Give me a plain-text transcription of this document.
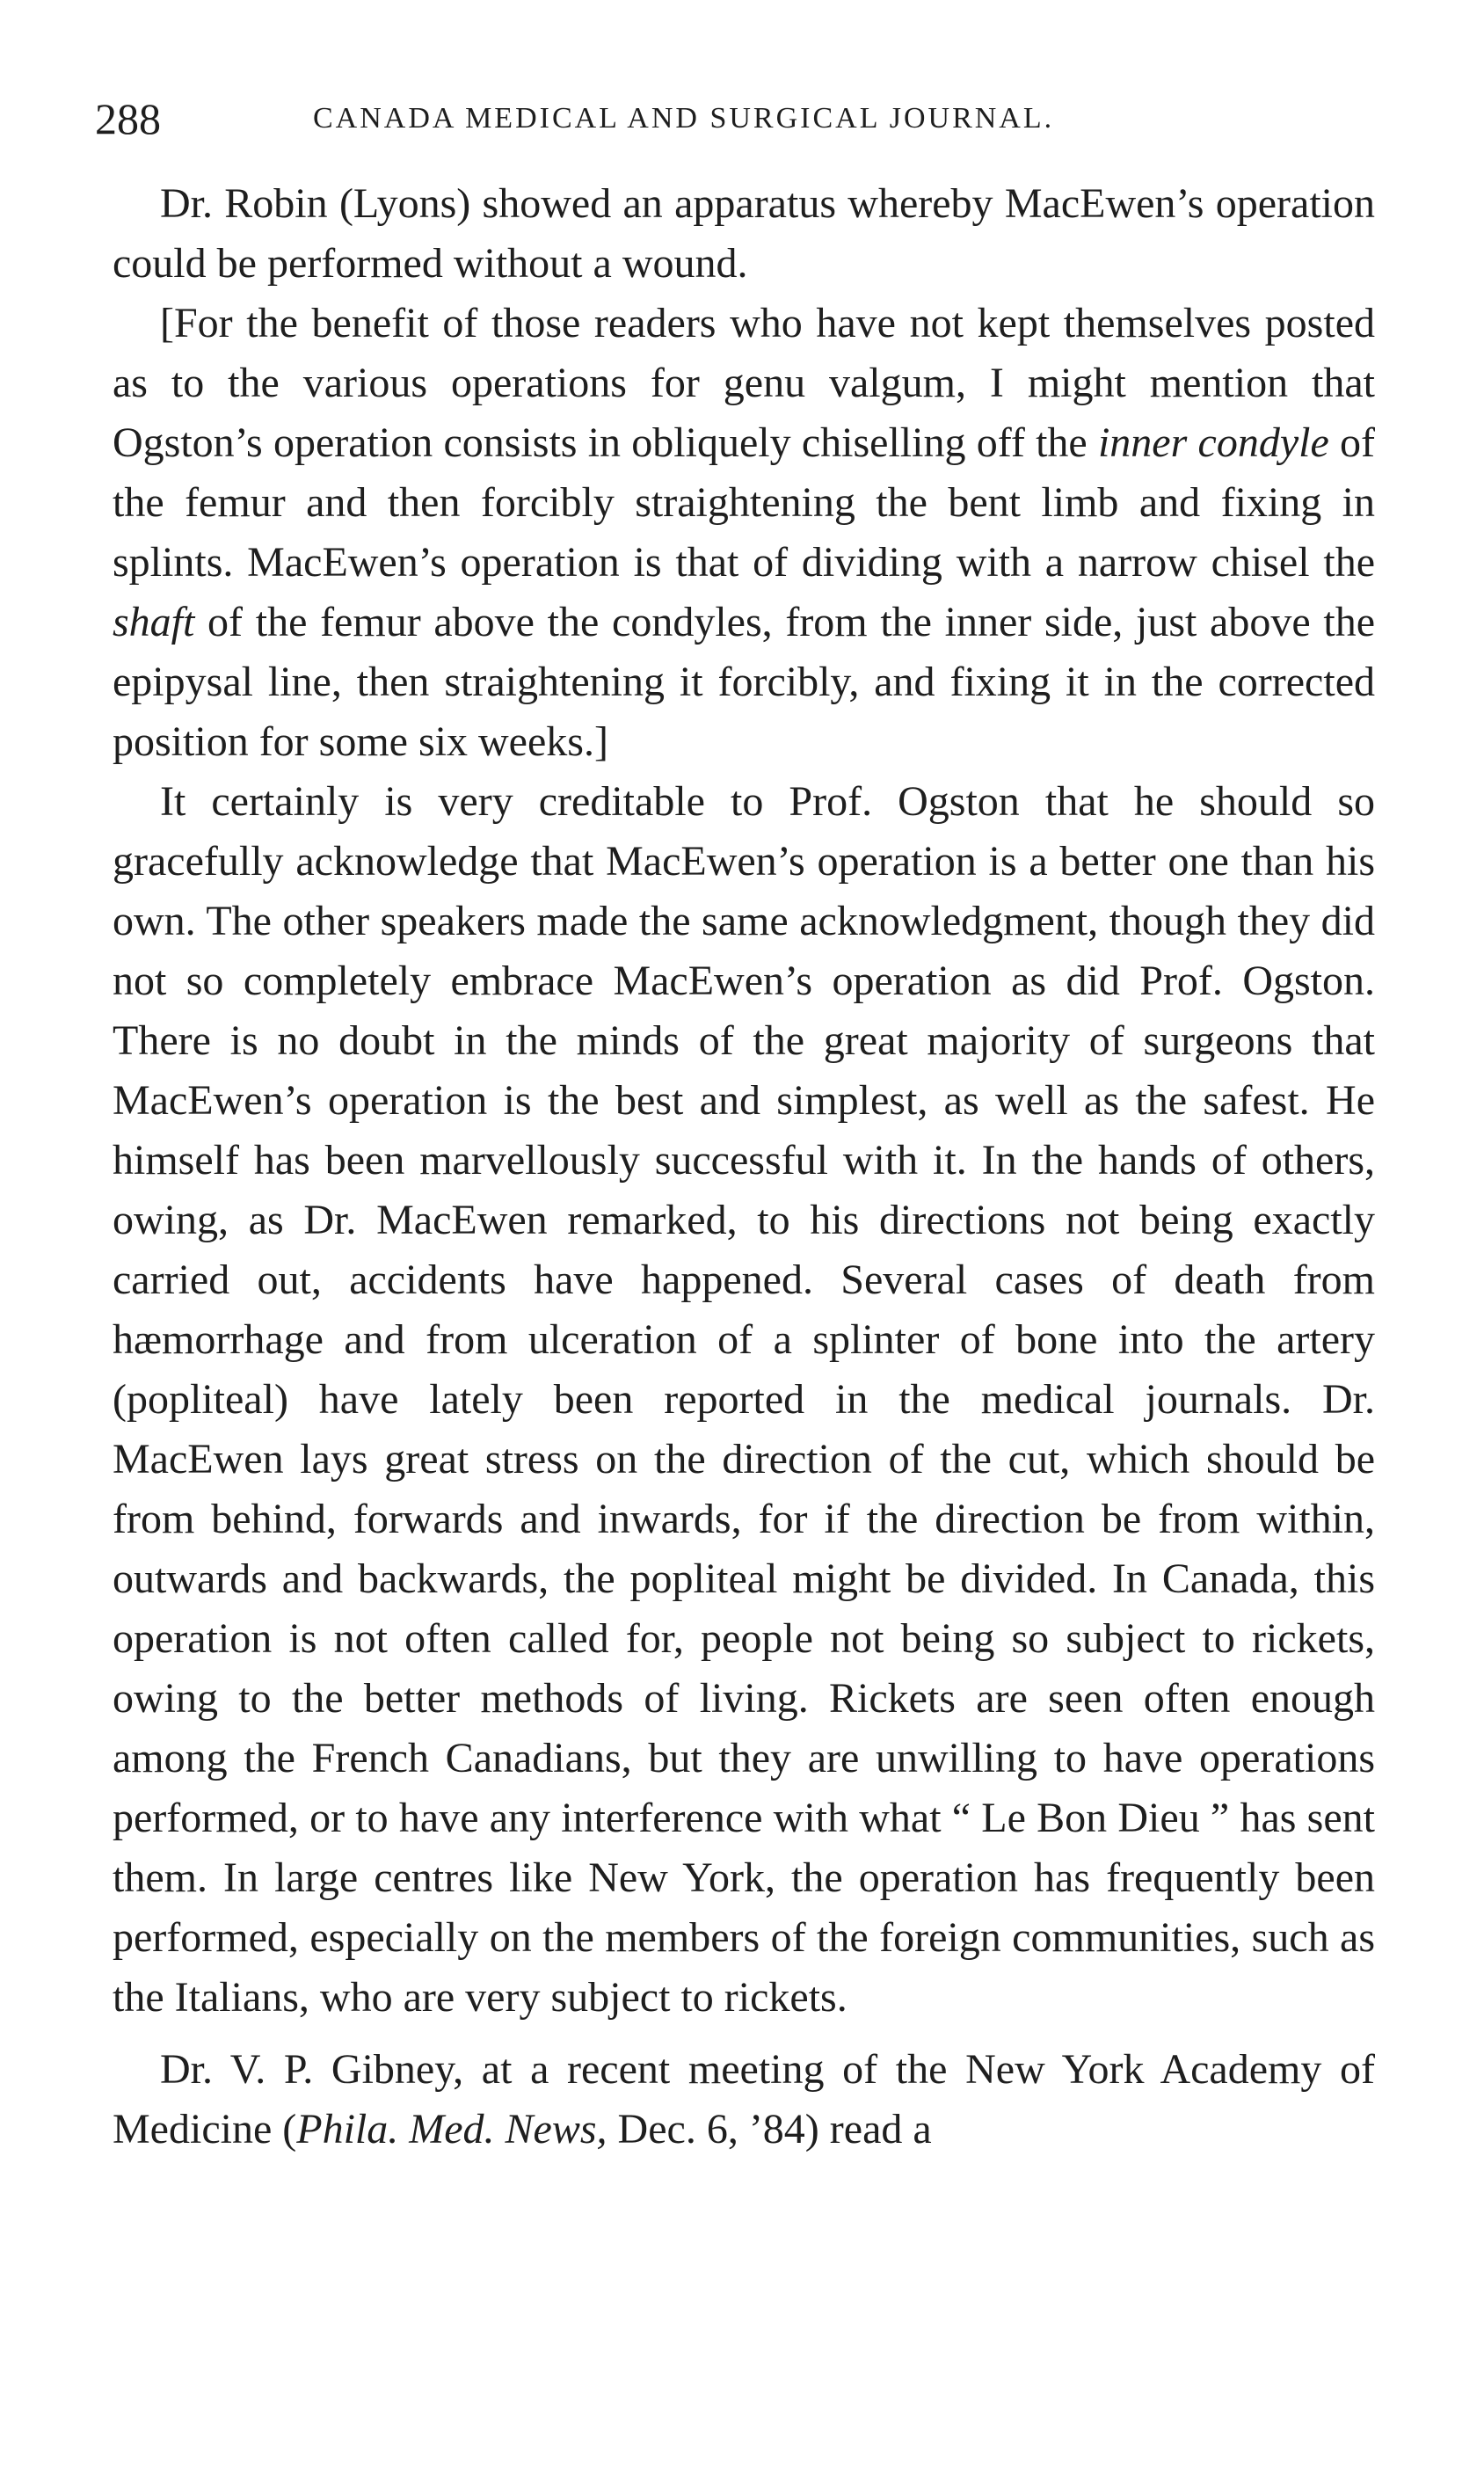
288	CANADA MEDICAL AND SURGICAL JOURNAL.

Dr. Robin (Lyons) showed an apparatus whereby MacEwen’s operation could be performed without a wound.

[For the benefit of those readers who have not kept themselves posted as to the various operations for genu valgum, I might mention that Ogston’s operation consists in obliquely chiselling off the inner condyle of the femur and then forcibly straightening the bent limb and fixing in splints. MacEwen’s operation is that of dividing with a narrow chisel the shaft of the femur above the condyles, from the inner side, just above the epipysal line, then straightening it forcibly, and fixing it in the corrected position for some six weeks.]

It certainly is very creditable to Prof. Ogston that he should so gracefully acknowledge that MacEwen’s operation is a better one than his own. The other speakers made the same acknowledgment, though they did not so completely embrace MacEwen’s operation as did Prof. Ogston. There is no doubt in the minds of the great majority of surgeons that MacEwen’s operation is the best and simplest, as well as the safest. He himself has been marvellously successful with it. In the hands of others, owing, as Dr. MacEwen remarked, to his directions not being exactly carried out, accidents have happened. Several cases of death from hæmorrhage and from ulceration of a splinter of bone into the artery (popliteal) have lately been reported in the medical journals. Dr. MacEwen lays great stress on the direction of the cut, which should be from behind, forwards and inwards, for if the direction be from within, outwards and backwards, the popliteal might be divided. In Canada, this operation is not often called for, people not being so subject to rickets, owing to the better methods of living. Rickets are seen often enough among the French Canadians, but they are unwilling to have operations performed, or to have any interference with what “ Le Bon Dieu ” has sent them. In large centres like New York, the operation has frequently been performed, especially on the members of the foreign communities, such as the Italians, who are very subject to rickets.

Dr. V. P. Gibney, at a recent meeting of the New York Academy of Medicine (Phila. Med. News, Dec. 6, ’84) read a
